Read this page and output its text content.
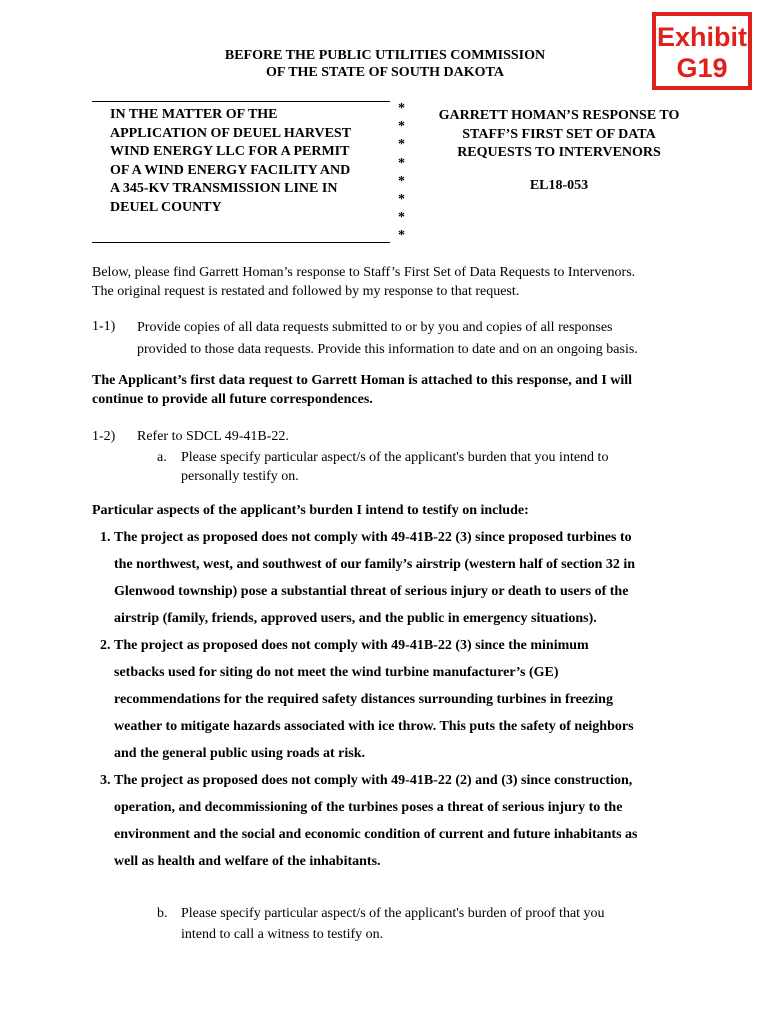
Exhibit
G19
BEFORE THE PUBLIC UTILITIES COMMISSION
OF THE STATE OF SOUTH DAKOTA
IN THE MATTER OF THE
APPLICATION OF DEUEL HARVEST
WIND ENERGY LLC FOR A PERMIT
OF A WIND ENERGY FACILITY AND
A 345-KV TRANSMISSION LINE IN
DEUEL COUNTY
*
*
*
*
*
*
*
*
GARRETT HOMAN’S RESPONSE TO
STAFF’S FIRST SET OF DATA
REQUESTS TO INTERVENORS
EL18-053
Below, please find Garrett Homan’s response to Staff’s First Set of Data Requests to Intervenors.
The original request is restated and followed by my response to that request.
1-1) Provide copies of all data requests submitted to or by you and copies of all responses
provided to those data requests. Provide this information to date and on an ongoing basis.
The Applicant’s first data request to Garrett Homan is attached to this response, and I will
continue to provide all future correspondences.
1-2) Refer to SDCL 49-41B-22.
a. Please specify particular aspect/s of the applicant's burden that you intend to
personally testify on.
Particular aspects of the applicant’s burden I intend to testify on include:
1. The project as proposed does not comply with 49-41B-22 (3) since proposed turbines to
the northwest, west, and southwest of our family’s airstrip (western half of section 32 in
Glenwood township) pose a substantial threat of serious injury or death to users of the
airstrip (family, friends, approved users, and the public in emergency situations).
2. The project as proposed does not comply with 49-41B-22 (3) since the minimum
setbacks used for siting do not meet the wind turbine manufacturer’s (GE)
recommendations for the required safety distances surrounding turbines in freezing
weather to mitigate hazards associated with ice throw. This puts the safety of neighbors
and the general public using roads at risk.
3. The project as proposed does not comply with 49-41B-22 (2) and (3) since construction,
operation, and decommissioning of the turbines poses a threat of serious injury to the
environment and the social and economic condition of current and future inhabitants as
well as health and welfare of the inhabitants.
b. Please specify particular aspect/s of the applicant's burden of proof that you
intend to call a witness to testify on.
